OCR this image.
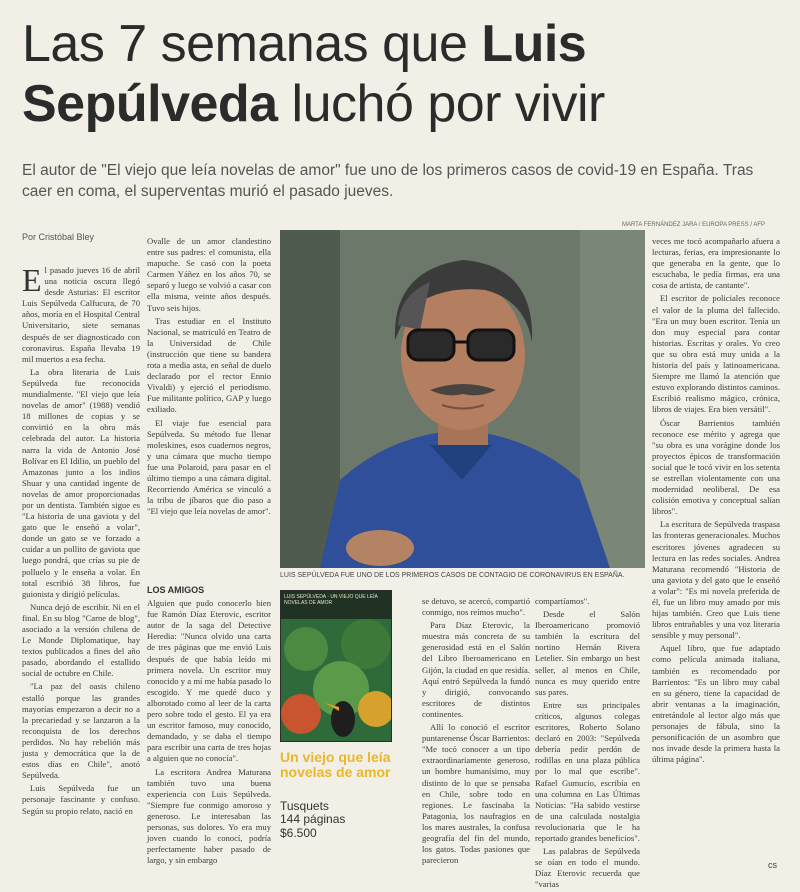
Las 7 semanas que Luis
Sepúlveda luchó por vivir
El autor de "El viejo que leía novelas de amor" fue uno de los primeros casos de covid-19 en España. Tras caer en coma, el superventas murió el pasado jueves.
Por Cristóbal Bley
MARTA FERNÁNDEZ JARA / EUROPA PRESS / AFP
LUIS SEPÚLVEDA FUE UNO DE LOS PRIMEROS CASOS DE CONTAGIO DE CORONAVIRUS EN ESPAÑA.

El pasado jueves 16 de abril una noticia oscura llegó desde Asturias: El escritor Luis Sepúlveda Calfucura, de 70 años, moría en el Hospital Central Universitario, siete semanas después de ser diagnosticado con coronavirus. España llevaba 19 mil muertos a esa fecha.

La obra literaria de Luis Sepúlveda fue reconocida mundialmente. "El viejo que leía novelas de amor" (1988) vendió 18 millones de copias y se convirtió en la obra más celebrada del autor. La historia narra la vida de Antonio José Bolívar en El Idilio, un pueblo del Amazonas junto a los indios Shuar y una cantidad ingente de novelas de amor proporcionadas por un dentista. También sigue es "La historia de una gaviota y del gato que le enseñó a volar", donde un gato se ve forzado a cuidar a un pollito de gaviota que luego pondrá, que crías su pie de polluelo y le enseña a volar. En total escribió 38 libros, fue guionista y dirigió películas.

Nunca dejó de escribir. Ni en el final. En su blog "Carne de blog", asociado a la versión chilena de Le Monde Diplomatique, hay textos publicados a fines del año pasado, abordando el estallido social de octubre en Chile.

"La paz del oasis chileno estalló porque las grandes mayorías empezaron a decir no a la precariedad y se lanzaron a la reconquista de los derechos perdidos. No hay rebelión más justa y democrática que la de estos días en Chile", anotó Sepúlveda.

Luis Sepúlveda fue un personaje fascinante y confuso. Según su propio relato, nació en

Ovalle de un amor clandestino entre sus padres: el comunista, ella mapuche. Se casó con la poeta Carmen Yáñez en los años 70, se separó y luego se volvió a casar con ella misma, veinte años después. Tuvo seis hijos.

Tras estudiar en el Instituto Nacional, se matriculó en Teatro de la Universidad de Chile (instrucción que tiene su bandera rota a media asta, en señal de duelo declarado por el rector Ennio Vivaldi) y ejerció el periodismo. Fue militante político, GAP y luego exiliado.

El viaje fue esencial para Sepúlveda. Su método fue llenar moleskines, esos cuadernos negros, y una cámara que mucho tiempo fue una Polaroid, para pasar en el último tiempo a una cámara digital. Recorriendo América se vinculó a la tribu de jíbaros que dio paso a "El viejo que leía novelas de amor".

LOS AMIGOS

Alguien que pudo conocerlo bien fue Ramón Díaz Eterovic, escritor autor de la saga del Detective Heredia: "Nunca olvido una carta de tres páginas que me envió Luis después de que había leído mi primera novela. Un escritor muy conocido y a mí me había pasado lo escogido. Y me quedé duco y alborotado como al leer de la carta pero sobre todo el gesto. El ya era un escritor famoso, muy conocido, demandado, y se daba el tiempo para escribir una carta de tres hojas a alguien que no conocía".

La escritora Andrea Maturana también tuvo una buena experiencia con Luis Sepúlveda. "Siempre fue conmigo amoroso y generoso. Le interesaban las personas, sus dolores. Yo era muy joven cuando lo conocí, podría perfectamente haber pasado de largo, y sin embargo

LUIS SEPÚLVEDA · UN VIEJO QUE LEÍA NOVELAS DE AMOR
Un viejo que leía novelas de amor
Tusquets
144 páginas
$6.500

se detuvo, se acercó, compartió conmigo, nos reímos mucho".

Para Díaz Eterovic, la muestra más concreta de su generosidad está en el Salón del Libro Iberoamericano en Gijón, la ciudad en que residía. Aquí entró Sepúlveda la fundó y dirigió, convocando escritores de distintos continentes.

Allí lo conoció el escritor puntarenense Óscar Barrientos: "Me tocó conocer a un tipo extraordinariamente generoso, un hombre humanísimo, muy distinto de lo que se pensaba en Chile, sobre todo en regiones. Le fascinaba la Patagonia, los naufragios en los mares australes, la confusa geografía del fin del mundo, los gatos. Todas pasiones que parecieron

compartíamos".

Desde el Salón Iberoamericano promovió también la escritura del nortino Hernán Rivera Letelier. Sin embargo un best seller, al menos en Chile, nunca es muy querido entre sus pares.

Entre sus principales críticos, algunos colegas escritores, Roberto Solano declaró en 2003: "Sepúlveda debería pedir perdón de rodillas en una plaza pública por lo mal que escribe". Rafael Gumucio, escribía en una columna en Las Últimas Noticias: "Ha sabido vestirse de una calculada nostalgia revolucionaria que le ha reportado grandes beneficios".

Las palabras de Sepúlveda se oían en todo el mundo. Díaz Eterovic recuerda que "varias

veces me tocó acompañarlo afuera a lecturas, ferias, era impresionante lo que generaba en la gente, que lo escuchaba, le pedía firmas, era una cosa de artista, de cantante".

El escritor de policiales reconoce el valor de la pluma del fallecido. "Era un muy buen escritor. Tenía un don muy especial para contar historias. Escritas y orales. Yo creo que su obra está muy unida a la historia del país y latinoamericana. Siempre me llamó la atención que estuvo explorando distintos caminos. Escribió realismo mágico, crónica, libros de viajes. Era bien versátil".

Óscar Barrientos también reconoce ese mérito y agrega que "su obra es una vorágine donde los proyectos épicos de transformación social que le tocó vivir en los setenta se estrellan violentamente con una modernidad neoliberal. De esa colisión emotiva y conceptual salían libros".

La escritura de Sepúlveda traspasa las fronteras generacionales. Muchos escritores jóvenes agradecen su lectura en las redes sociales. Andrea Maturana recomendó "Historia de una gaviota y del gato que le enseñó a volar": "Es mi novela preferida de él, fue un libro muy amado por mis hijas también. Creo que Luis tiene libros entrañables y una voz literaria sensible y muy personal".

Aquel libro, que fue adaptado como película animada italiana, también es recomendado por Barrientos: "Es un libro muy cabal en su género, tiene la capacidad de abrir ventanas a la imaginación, entretándole al lector algo más que personajes de fábula, sino la personificación de un asombro que nos invade desde la primera hasta la última página".

cs
